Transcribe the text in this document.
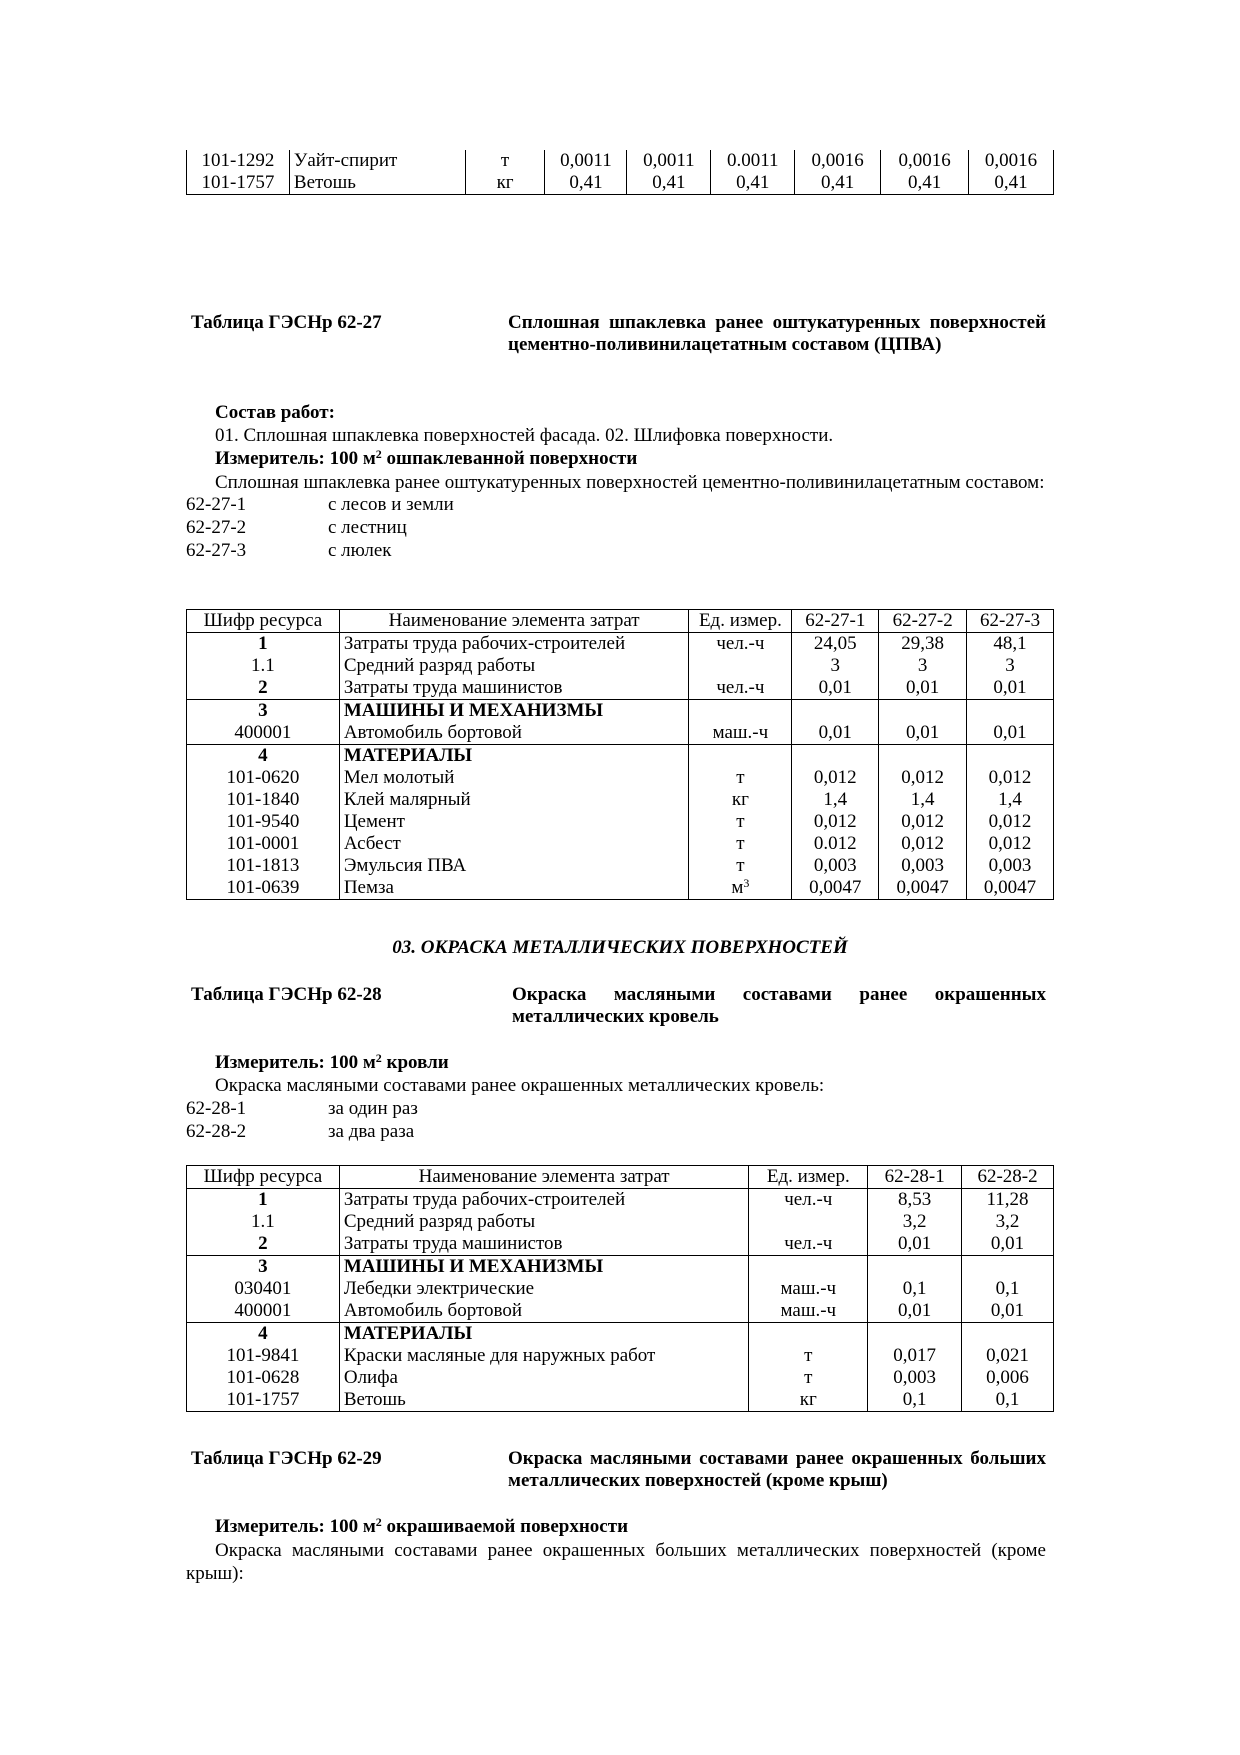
101-1292	Уайт-спирит	т	0,0011	0,0011	0.0011	0,0016	0,0016	0,0016
101-1757	Ветошь	кг	0,41	0,41	0,41	0,41	0,41	0,41
Таблица ГЭСНр 62-27	Сплошная шпаклевка ранее оштукатуренных поверхностей цементно-поливинилацетатным составом (ЦПВА)
Состав работ:
01. Сплошная шпаклевка поверхностей фасада. 02. Шлифовка поверхности.
Измеритель: 100 $м^2$ ошпаклеванной поверхности
Сплошная шпаклевка ранее оштукатуренных поверхностей цементно-поливинилацетатным составом:
62-27-1	с лесов и земли
62-27-2	с лестниц
62-27-3	с люлек
Шифр ресурса	Наименование элемента затрат	Ед. измер.	62-27-1	62-27-2	62-27-3
1	Затраты труда рабочих-строителей	чел.-ч	24,05	29,38	48,1
1.1	Средний разряд работы		3	3	3
2	Затраты труда машинистов	чел.-ч	0,01	0,01	0,01
3	МАШИНЫ И МЕХАНИЗМЫ				
400001	Автомобиль бортовой	маш.-ч	0,01	0,01	0,01
4	МАТЕРИАЛЫ				
101-0620	Мел молотый	т	0,012	0,012	0,012
101-1840	Клей малярный	кг	1,4	1,4	1,4
101-9540	Цемент	т	0,012	0,012	0,012
101-0001	Асбест	т	0.012	0,012	0,012
101-1813	Эмульсия ПВА	т	0,003	0,003	0,003
101-0639	Пемза	$м^3$	0,0047	0,0047	0,0047
03. ОКРАСКА МЕТАЛЛИЧЕСКИХ ПОВЕРХНОСТЕЙ
Таблица ГЭСНр 62-28	Окраска масляными составами ранее окрашенных металлических кровель
Измеритель: 100 $м^2$ кровли
Окраска масляными составами ранее окрашенных металлических кровель:
62-28-1	за один раз
62-28-2	за два раза
Шифр ресурса	Наименование элемента затрат	Ед. измер.	62-28-1	62-28-2
1	Затраты труда рабочих-строителей	чел.-ч	8,53	11,28
1.1	Средний разряд работы		3,2	3,2
2	Затраты труда машинистов	чел.-ч	0,01	0,01
3	МАШИНЫ И МЕХАНИЗМЫ			
030401	Лебедки электрические	маш.-ч	0,1	0,1
400001	Автомобиль бортовой	маш.-ч	0,01	0,01
4	МАТЕРИАЛЫ			
101-9841	Краски масляные для наружных работ	т	0,017	0,021
101-0628	Олифа	т	0,003	0,006
101-1757	Ветошь	кг	0,1	0,1
Таблица ГЭСНр 62-29	Окраска масляными составами ранее окрашенных больших металлических поверхностей (кроме крыш)
Измеритель: 100 $м^2$ окрашиваемой поверхности
Окраска масляными составами ранее окрашенных больших металлических поверхностей (кроме крыш):
